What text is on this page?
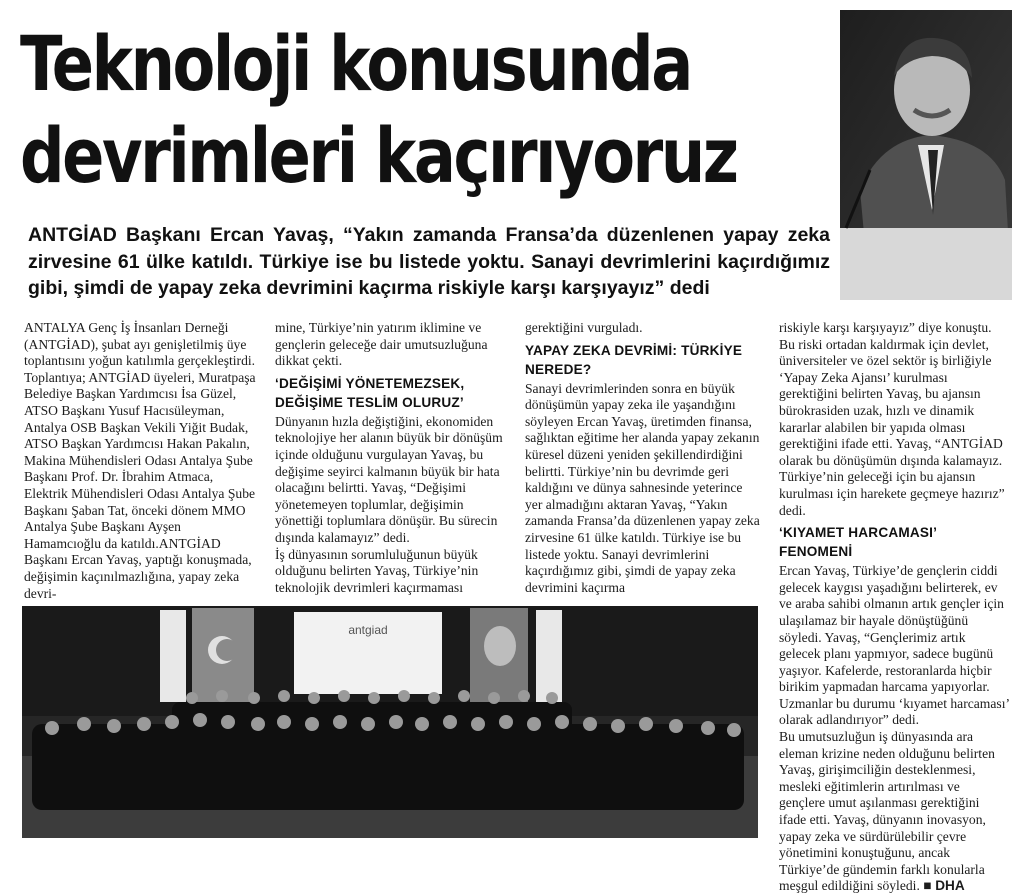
Teknoloji konusunda
devrimleri kaçırıyoruz

ANTGİAD Başkanı Ercan Yavaş, “Yakın zamanda Fransa’da düzenlenen yapay zeka zirvesine 61 ülke katıldı. Türkiye ise bu listede yoktu. Sanayi devrimlerini kaçırdığımız gibi, şimdi de yapay zeka devrimini kaçırma riskiyle karşı karşıyayız” dedi

ANTALYA Genç İş İnsanları Derneği (ANTGİAD), şubat ayı genişletilmiş üye toplantısını yoğun katılımla gerçekleştirdi. Toplantıya; ANTGİAD üyeleri, Muratpaşa Belediye Başkan Yardımcısı İsa Güzel, ATSO Başkanı Yusuf Hacısüleyman, Antalya OSB Başkan Vekili Yiğit Budak, ATSO Başkan Yardımcısı Hakan Pakalın, Makina Mühendisleri Odası Antalya Şube Başkanı Prof. Dr. İbrahim Atmaca, Elektrik Mühendisleri Odası Antalya Şube Başkanı Şaban Tat, önceki dönem MMO Antalya Şube Başkanı Ayşen Hamamcıoğlu da katıldı.ANTGİAD Başkanı Ercan Yavaş, yaptığı konuşmada, değişimin kaçınılmazlığına, yapay zeka devri-

mine, Türkiye’nin yatırım iklimine ve gençlerin geleceğe dair umutsuzluğuna dikkat çekti.

‘DEĞİŞİMİ YÖNETEMEZSEK, DEĞİŞİME TESLİM OLURUZ’

Dünyanın hızla değiştiğini, ekonomiden teknolojiye her alanın büyük bir dönüşüm içinde olduğunu vurgulayan Yavaş, bu değişime seyirci kalmanın büyük bir hata olacağını belirtti. Yavaş, “Değişimi yönetemeyen toplumlar, değişimin yönettiği toplumlara dönüşür. Bu sürecin dışında kalamayız” dedi.

İş dünyasının sorumluluğunun büyük olduğunu belirten Yavaş, Türkiye’nin teknolojik devrimleri kaçırmaması

gerektiğini vurguladı.

YAPAY ZEKA DEVRİMİ: TÜRKİYE NEREDE?

Sanayi devrimlerinden sonra en büyük dönüşümün yapay zeka ile yaşandığını söyleyen Ercan Yavaş, üretimden finansa, sağlıktan eğitime her alanda yapay zekanın küresel düzeni yeniden şekillendirdiğini belirtti. Türkiye’nin bu devrimde geri kaldığını ve dünya sahnesinde yeterince yer almadığını aktaran Yavaş, “Yakın zamanda Fransa’da düzenlenen yapay zeka zirvesine 61 ülke katıldı. Türkiye ise bu listede yoktu. Sanayi devrimlerini kaçırdığımız gibi, şimdi de yapay zeka devrimini kaçırma

riskiyle karşı karşıyayız” diye konuştu. Bu riski ortadan kaldırmak için devlet, üniversiteler ve özel sektör iş birliğiyle ‘Yapay Zeka Ajansı’ kurulması gerektiğini belirten Yavaş, bu ajansın bürokrasiden uzak, hızlı ve dinamik kararlar alabilen bir yapıda olması gerektiğini ifade etti. Yavaş, “ANTGİAD olarak bu dönüşümün dışında kalamayız. Türkiye’nin geleceği için bu ajansın kurulması için harekete geçmeye hazırız” dedi.

‘KIYAMET HARCAMASI’ FENOMENİ

Ercan Yavaş, Türkiye’de gençlerin ciddi gelecek kaygısı yaşadığını belirterek, ev ve araba sahibi olmanın artık gençler için ulaşılamaz bir hayale dönüştüğünü söyledi. Yavaş, “Gençlerimiz artık gelecek planı yapmıyor, sadece bugünü yaşıyor. Kafelerde, restoranlarda hiçbir birikim yapmadan harcama yapıyorlar. Uzmanlar bu durumu ‘kıyamet harcaması’ olarak adlandırıyor” dedi.

Bu umutsuzluğun iş dünyasında ara eleman krizine neden olduğunu belirten Yavaş, girişimciliğin desteklenmesi, mesleki eğitimlerin artırılması ve gençlere umut aşılanması gerektiğini ifade etti. Yavaş, dünyanın inovasyon, yapay zeka ve sürdürülebilir çevre yönetimini konuştuğunu, ancak Türkiye’de gündemin farklı konularla meşgul edildiğini söyledi. ■ DHA

antgiad
